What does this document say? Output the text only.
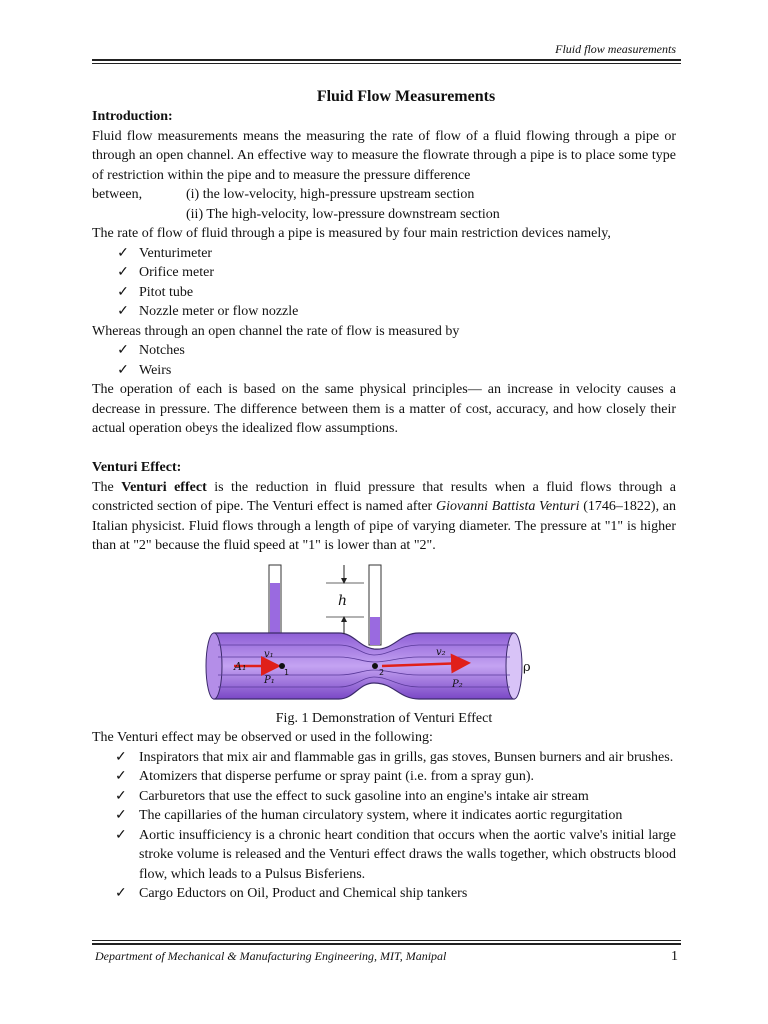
Fluid flow measurements
Fluid Flow Measurements

Introduction:

Fluid flow measurements means the measuring the rate of flow of a fluid flowing through a pipe or through an open channel. An effective way to measure the flowrate through a pipe is to place some type of restriction within the pipe and to measure the pressure difference

between,	(i) the low-velocity, high-pressure upstream section

(ii) The high-velocity, low-pressure downstream section

The rate of flow of fluid through a pipe is measured by four main restriction devices namely,

✓ Venturimeter
✓ Orifice meter
✓ Pitot tube
✓ Nozzle meter or flow nozzle

Whereas through an open channel the rate of flow is measured by

✓ Notches
✓ Weirs

The operation of each is based on the same physical principles— an increase in velocity causes a decrease in pressure. The difference between them is a matter of cost, accuracy, and how closely their actual operation obeys the idealized flow assumptions.

Venturi Effect:

The Venturi effect is the reduction in fluid pressure that results when a fluid flows through a constricted section of pipe. The Venturi effect is named after Giovanni Battista Venturi (1746–1822), an Italian physicist. Fluid flows through a length of pipe of varying diameter. The pressure at "1" is higher than at "2" because the fluid speed at "1" is lower than at "2".

h
v₁	v₂
A₁
P₁	P₂
ρ
1	2

Fig. 1 Demonstration of Venturi Effect

The Venturi effect may be observed or used in the following:

✓ Inspirators that mix air and flammable gas in grills, gas stoves, Bunsen burners and air brushes.
✓ Atomizers that disperse perfume or spray paint (i.e. from a spray gun).
✓ Carburetors that use the effect to suck gasoline into an engine's intake air stream
✓ The capillaries of the human circulatory system, where it indicates aortic regurgitation
✓ Aortic insufficiency is a chronic heart condition that occurs when the aortic valve's initial large stroke volume is released and the Venturi effect draws the walls together, which obstructs blood flow, which leads to a Pulsus Bisferiens.
✓ Cargo Eductors on Oil, Product and Chemical ship tankers
Department of Mechanical & Manufacturing Engineering, MIT, Manipal	1
